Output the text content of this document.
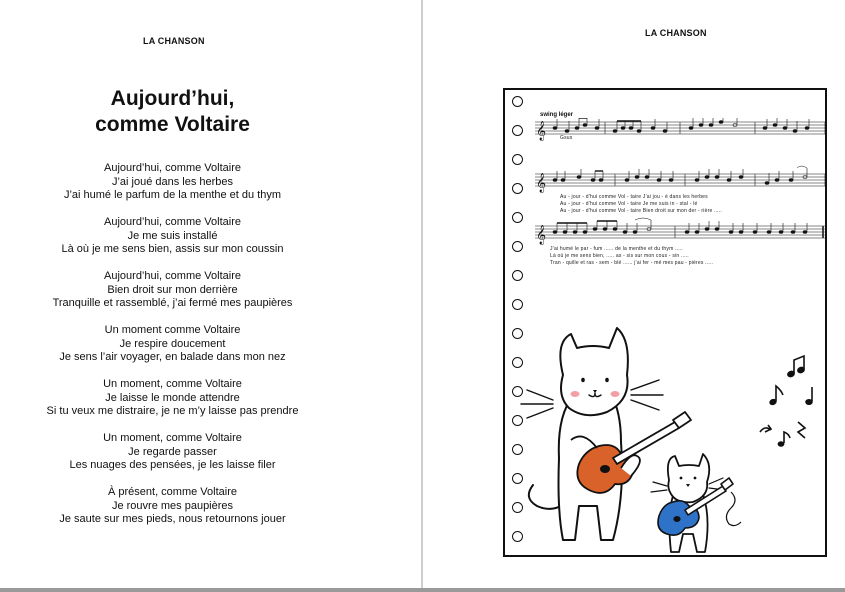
LA CHANSON
Aujourd’hui,
comme Voltaire
Aujourd’hui, comme Voltaire
J’ai joué dans les herbes
J’ai humé le parfum de la menthe et du thym
Aujourd’hui, comme Voltaire
Je me suis installé
Là où je me sens bien, assis sur mon coussin
Aujourd’hui, comme Voltaire
Bien droit sur mon derrière
Tranquille et rassemblé, j’ai fermé mes paupières
Un moment comme Voltaire
Je respire doucement
Je sens l’air voyager, en balade dans mon nez
Un moment, comme Voltaire
Je laisse le monde attendre
Si tu veux me distraire, je ne m’y laisse pas prendre
Un moment, comme Voltaire
Je regarde passer
Les nuages des pensées, je les laisse filer
À présent, comme Voltaire
Je rouvre mes paupières
Je saute sur mes pieds, nous retournons jouer
LA CHANSON
swing léger
𝄞
𝄞
𝄞
Gsus
Au - jour - d’hui comme Vol - taire J’ai jou - é dans les herbes
Au - jour - d’hui comme Vol - taire Je me suis in - stal - lé
Au - jour - d’hui comme Vol - taire Bien droit sur mon der - rière .....
J’ai humé le par - fum ...... de la menthe et du thym .....
Là où je me sens bien, ..... as - sis sur mon cous - sin .....
Tran - quille et ras - sem - blé ...... j’ai fer - mé mes pau - pières .....
